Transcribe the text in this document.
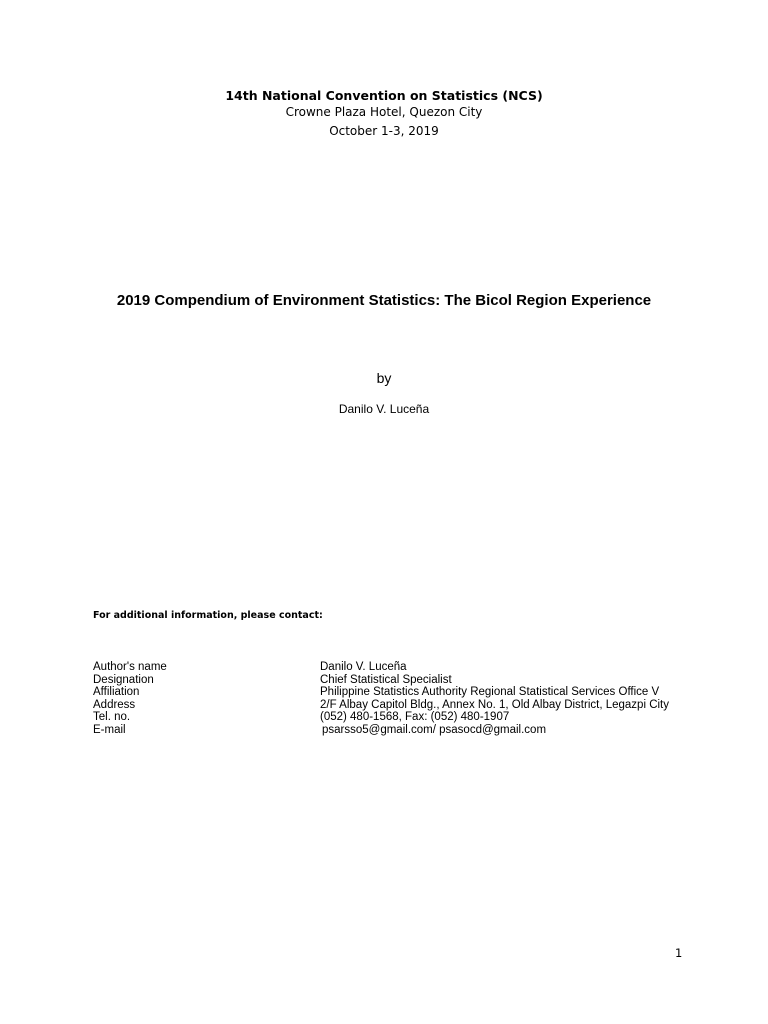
14th National Convention on Statistics (NCS)
Crowne Plaza Hotel, Quezon City
October 1-3, 2019
2019 Compendium of Environment Statistics: The Bicol Region Experience
by
Danilo V. Luceña
For additional information, please contact:
Author's name	Danilo V. Luceña
Designation	Chief Statistical Specialist
Affiliation	Philippine Statistics Authority Regional Statistical Services Office V
Address	2/F Albay Capitol Bldg., Annex No. 1, Old Albay District, Legazpi City
Tel. no.	(052) 480-1568, Fax: (052) 480-1907
E-mail	psarsso5@gmail.com/ psasocd@gmail.com
1
